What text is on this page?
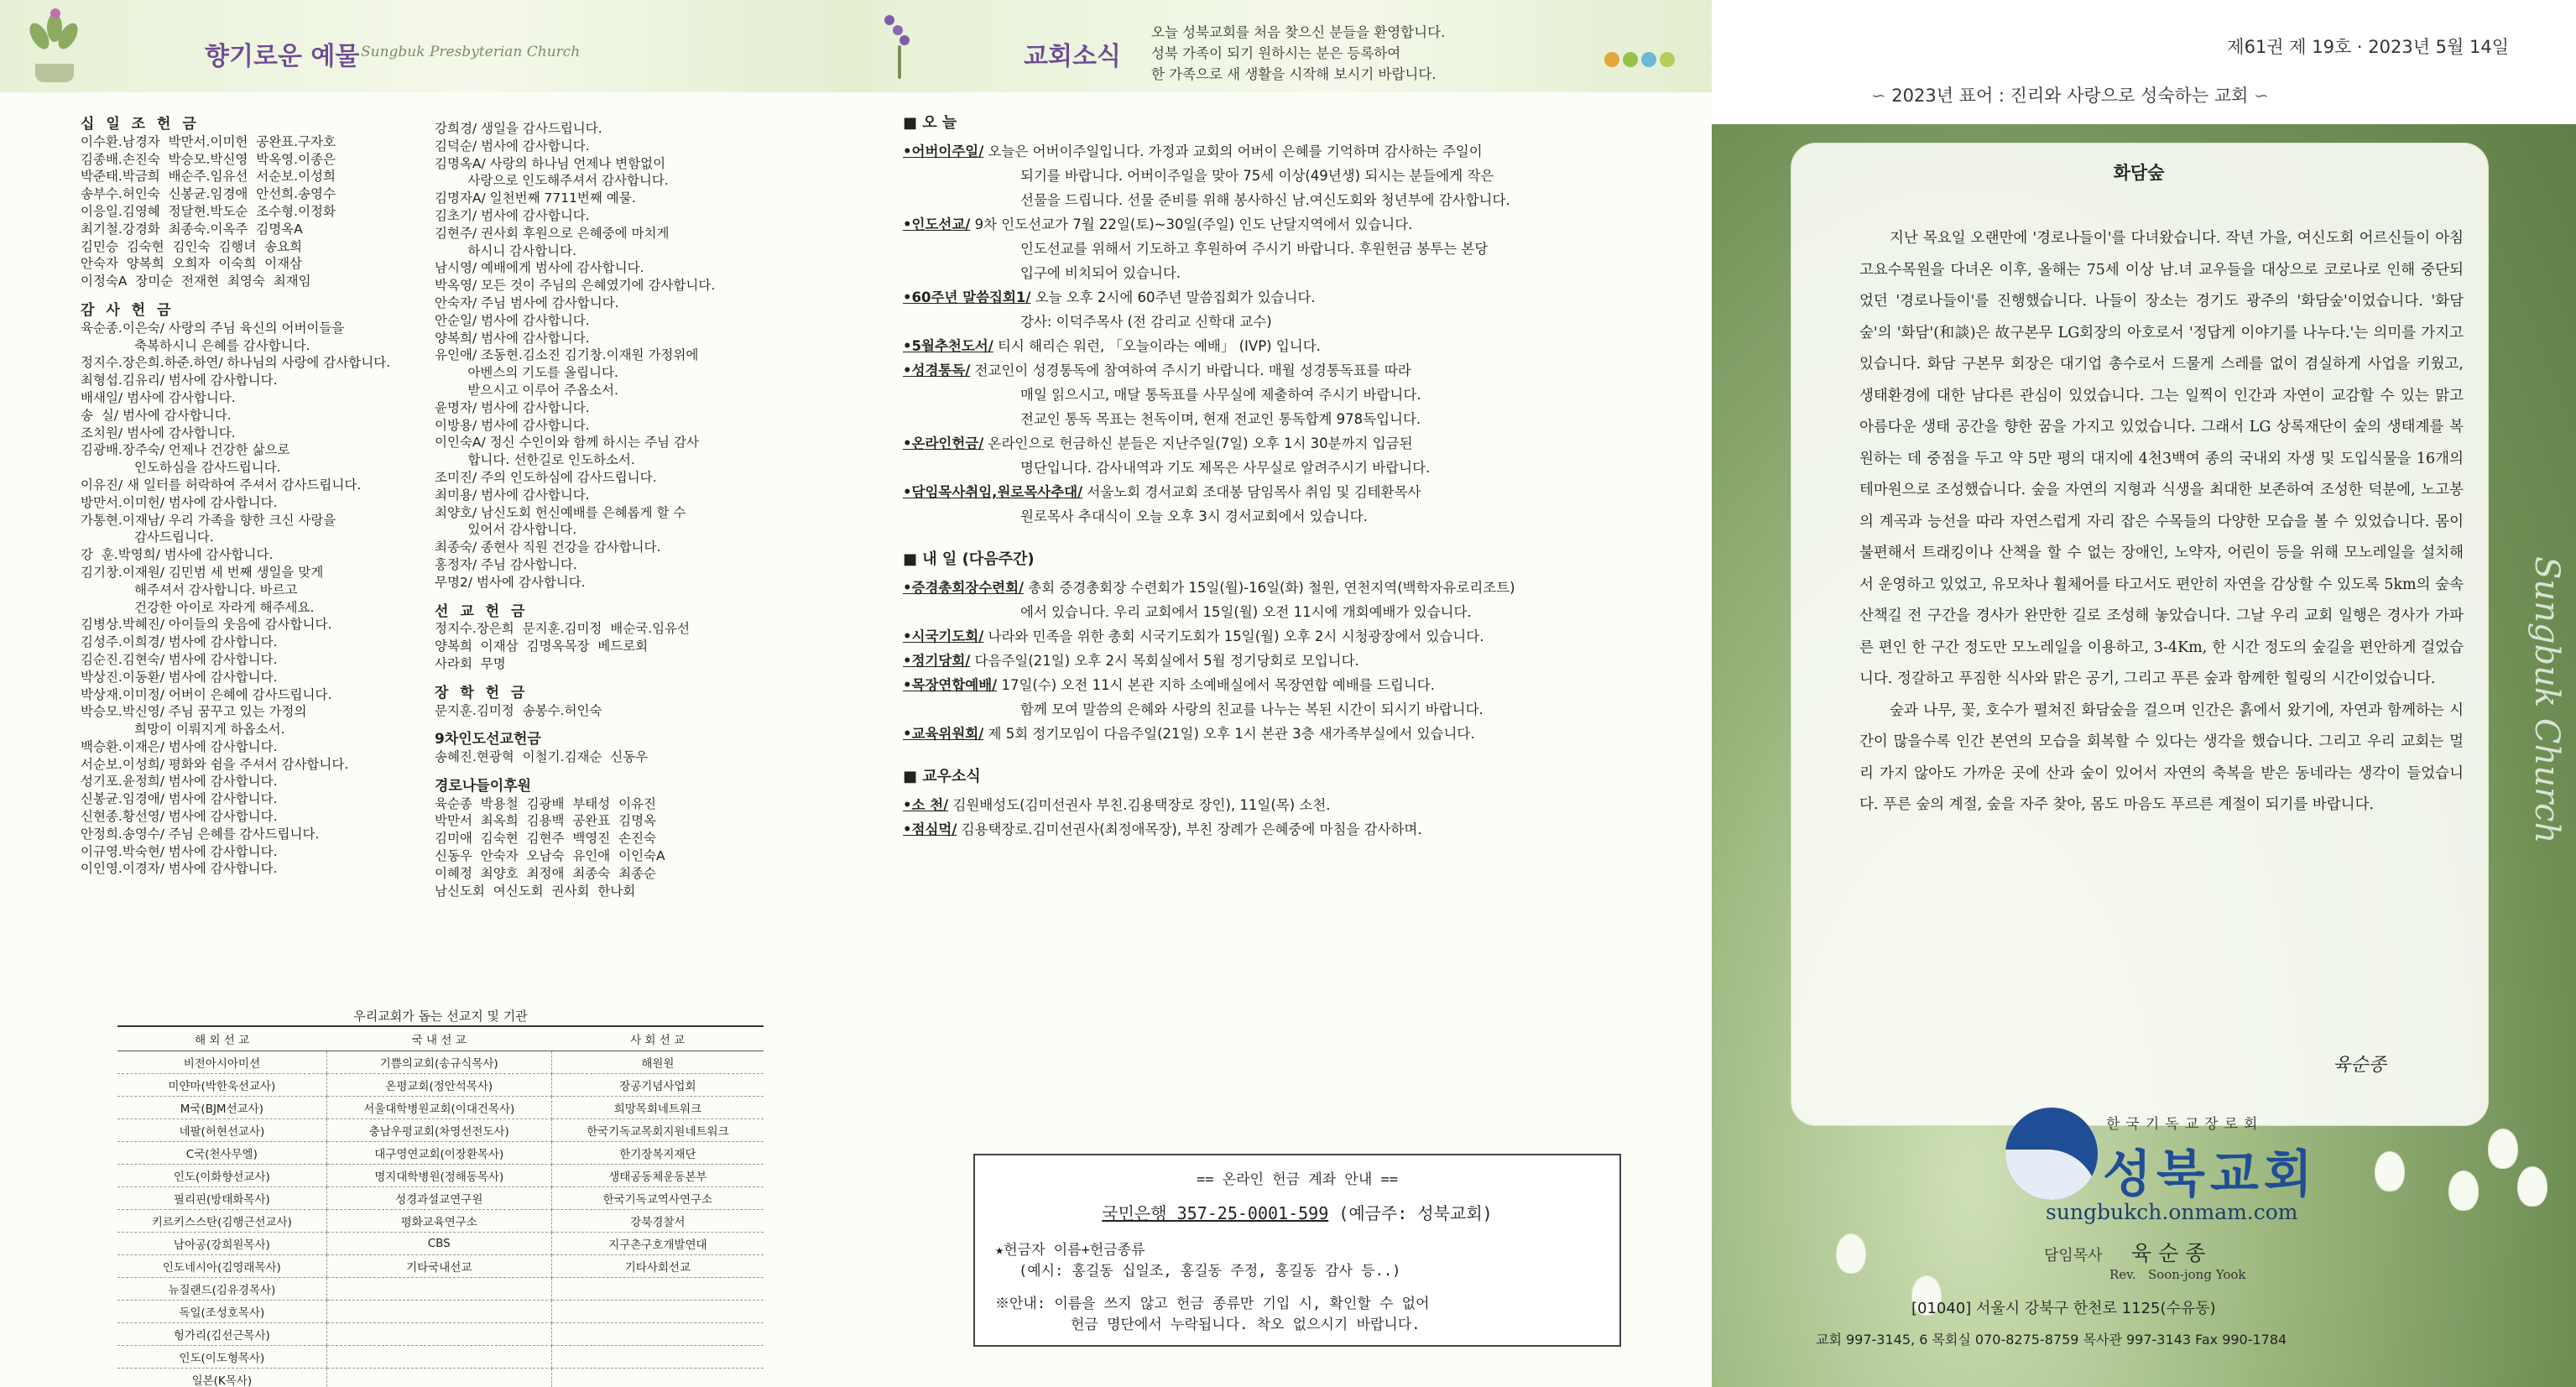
향기로운 예물 Sungbuk Presbyterian Church
십 일 조 헌 금
이수환.남경자  박만서.이미헌  공완표.구자호
김종배.손진숙  박승모.박신영  박옥영.이종은
박준태.박금희  배순주.임유선  서순보.이성희
송부수.허인숙  신봉균.임경애  안선희.송영수
이응일.김영혜  정달현.박도순  조수형.이정화
최기철.강경화  최종숙.이옥주  김명옥A
김민승  김숙현  김인숙  김행녀  송요희
안숙자  양복희  오희자  이숙희  이재삼
이정숙A  장미순  전재현  최영숙  최재임
감 사 헌 금
육순종.이은숙/ 사랑의 주님 육신의 어버이들을
축복하시니 은혜를 감사합니다.
정지수.장은희.하준.하연/ 하나님의 사랑에 감사합니다.
최형섭.김유리/ 범사에 감사합니다.
배새일/ 범사에 감사합니다.
송  실/ 범사에 감사합니다.
조치원/ 범사에 감사합니다.
김광배.장주숙/ 언제나 건강한 삶으로
인도하심을 감사드립니다.
이유진/ 새 일터를 허락하여 주셔서 감사드립니다.
방만서.이미헌/ 범사에 감사합니다.
가통현.이재남/ 우리 가족을 향한 크신 사랑을
감사드립니다.
강  훈.박영희/ 범사에 감사합니다.
김기창.이재원/ 김민범 세 번째 생일을 맞게
해주셔서 감사합니다. 바르고
건강한 아이로 자라게 해주세요.
김병상.박혜진/ 아이들의 웃음에 감사합니다.
김성주.이희경/ 범사에 감사합니다.
김순진.김현숙/ 범사에 감사합니다.
박상진.이동환/ 범사에 감사합니다.
박상재.이미정/ 어버이 은혜에 감사드립니다.
박승모.박신영/ 주님 꿈꾸고 있는 가정의
희망이 이뤄지게 하옵소서.
백승환.이재은/ 범사에 감사합니다.
서순보.이성희/ 평화와 쉼을 주셔서 감사합니다.
성기포.윤정희/ 범사에 감사합니다.
신봉균.임경애/ 범사에 감사합니다.
신현종.황선영/ 범사에 감사합니다.
안정희.송영수/ 주님 은혜를 감사드립니다.
이규영.박숙현/ 범사에 감사합니다.
이인영.이경자/ 범사에 감사합니다.
강희경/ 생일을 감사드립니다.
김덕순/ 범사에 감사합니다.
김명옥A/ 사랑의 하나님 언제나 변함없이
사랑으로 인도해주셔서 감사합니다.
김명자A/ 일천번째 7711번째 예물.
김초기/ 범사에 감사합니다.
김현주/ 권사회 후원으로 은혜중에 마치게
하시니 감사합니다.
남시영/ 예배에게 범사에 감사합니다.
박옥영/ 모든 것이 주님의 은혜였기에 감사합니다.
안숙자/ 주님 범사에 감사합니다.
안순일/ 범사에 감사합니다.
양복희/ 범사에 감사합니다.
유인애/ 조동현.김소진 김기창.이재원 가정위에
아벤스의 기도를 올립니다.
받으시고 이루어 주옵소서.
윤명자/ 범사에 감사합니다.
이방용/ 범사에 감사합니다.
이인숙A/ 정신 수인이와 함께 하시는 주님 감사
합니다. 선한길로 인도하소서.
조미진/ 주의 인도하심에 감사드립니다.
최미용/ 범사에 감사합니다.
최양호/ 남신도회 헌신예배를 은혜롭게 할 수
있어서 감사합니다.
최종숙/ 종현사 직원 건강을 감사합니다.
홍정자/ 주님 감사합니다.
무명2/ 범사에 감사합니다.
선 교 헌 금
정지수.장은희  문지훈.김미정  배순국.임유선
양복희  이재삼  김명옥목장  베드로회
사라회  무명
장 학 헌 금
문지훈.김미정  송봉수.허인숙
9차인도선교헌금
송혜진.현광혁  이철기.김재순  신동우
경로나들이후원
육순종  박용철  김광배  부태성  이유진
박만서  최옥희  김용백  공완표  김명옥
김미애  김숙현  김현주  백영진  손진숙
신동우  안숙자  오남숙  유인애  이인숙A
이혜정  최양호  최정애  최종숙  최종순
남신도회  여신도회  권사회  한나회
우리교회가 돕는 선교지 및 기관
해 외 선 교	국 내 선 교	사 회 선 교
비전아시아미션	기쁨의교회(송규식목사)	해원원
미얀마(박한욱선교사)	온평교회(정안석목사)	장공기념사업회
M국(BJM선교사)	서울대학병원교회(이대건목사)	희망목회네트워크
네팔(허현선교사)	충남우평교회(차영선전도사)	한국기독교목회지원네트워크
C국(천사무엘)	대구영연교회(이장환목사)	한기장복지재단
인도(이화향선교사)	명지대학병원(정해동목사)	생태공동체운동본부
필리핀(방태화목사)	성경과설교연구원	한국기독교역사연구소
키르키스스탄(김행근선교사)	평화교육연구소	강북경찰서
남아공(강희원목사)	CBS	지구촌구호개발연대
인도네시아(김영래목사)	기타국내선교	기타사회선교
뉴질랜드(김유경목사)		
독일(조성호목사)		
헝가리(김선근목사)		
인도(이도형목사)		
일본(K목사)		
교회소식
오늘 성북교회를 처음 찾으신 분들을 환영합니다.
성북 가족이 되기 원하시는 분은 등록하여
한 가족으로 새 생활을 시작해 보시기 바랍니다.
■ 오 늘
•어버이주일/ 오늘은 어버이주일입니다. 가정과 교회의 어버이 은혜를 기억하며 감사하는 주일이
되기를 바랍니다. 어버이주일을 맞아 75세 이상(49년생) 되시는 분들에게 작은
선물을 드립니다. 선물 준비를 위해 봉사하신 남.여신도회와 청년부에 감사합니다.
•인도선교/ 9차 인도선교가 7월 22일(토)~30일(주일) 인도 난달지역에서 있습니다.
인도선교를 위해서 기도하고 후원하여 주시기 바랍니다. 후원헌금 봉투는 본당
입구에 비치되어 있습니다.
•60주년 말씀집회1/ 오늘 오후 2시에 60주년 말씀집회가 있습니다.
강사: 이덕주목사 (전 감리교 신학대 교수)
•5월추천도서/ 티시 해리슨 워런, 「오늘이라는 예배」 (IVP) 입니다.
•성경통독/ 전교인이 성경통독에 참여하여 주시기 바랍니다. 매월 성경통독표를 따라
매일 읽으시고, 매달 통독표를 사무실에 제출하여 주시기 바랍니다.
전교인 통독 목표는 천독이며, 현재 전교인 통독합계 978독입니다.
•온라인헌금/ 온라인으로 헌금하신 분들은 지난주일(7일) 오후 1시 30분까지 입금된
명단입니다. 감사내역과 기도 제목은 사무실로 알려주시기 바랍니다.
•담임목사취임,원로목사추대/ 서울노회 경서교회 조대봉 담임목사 취임 및 김테환목사
원로목사 추대식이 오늘 오후 3시 경서교회에서 있습니다.
■ 내 일 (다음주간)
•증경총회장수련회/ 총회 증경총회장 수련회가 15일(월)-16일(화) 철원, 연천지역(백학자유로리조트)
에서 있습니다. 우리 교회에서 15일(월) 오전 11시에 개회예배가 있습니다.
•시국기도회/ 나라와 민족을 위한 총회 시국기도회가 15일(월) 오후 2시 시청광장에서 있습니다.
•정기당회/ 다음주일(21일) 오후 2시 목회실에서 5월 정기당회로 모입니다.
•목장연합예배/ 17일(수) 오전 11시 본관 지하 소예배실에서 목장연합 예배를 드립니다.
함께 모여 말씀의 은혜와 사랑의 친교를 나누는 복된 시간이 되시기 바랍니다.
•교육위원회/ 제 5회 정기모임이 다음주일(21일) 오후 1시 본관 3층 새가족부실에서 있습니다.
■ 교우소식
•소 천/ 김원배성도(김미선권사 부친.김용택장로 장인), 11일(목) 소천.
•점심먹/ 김용택장로.김미선권사(최정애목장), 부친 장례가 은혜중에 마침을 감사하며.
== 온라인 헌금 계좌 안내 ==
국민은행 357-25-0001-599 (예금주: 성북교회)
★헌금자 이름+헌금종류
(예시: 홍길동 십일조, 홍길동 주정, 홍길동 감사 등..)
※안내: 이름을 쓰지 않고 헌금 종류만 기입 시, 확인할 수 없어
헌금 명단에서 누락됩니다. 착오 없으시기 바랍니다.
제61권 제 19호 · 2023년 5월 14일
∽ 2023년 표어 : 진리와 사랑으로 성숙하는 교회 ∽
화담숲

지난 목요일 오랜만에 '경로나들이'를 다녀왔습니다. 작년 가을, 여신도회 어르신들이 아침고요수목원을 다녀온 이후, 올해는 75세 이상 남.녀 교우들을 대상으로 코로나로 인해 중단되었던 '경로나들이'를 진행했습니다. 나들이 장소는 경기도 광주의 '화담숲'이었습니다. '화담숲'의 '화담'(和談)은 故구본무 LG회장의 아호로서 '정답게 이야기를 나누다.'는 의미를 가지고 있습니다. 화담 구본무 회장은 대기업 총수로서 드물게 스레를 없이 겸실하게 사업을 키웠고, 생태환경에 대한 남다른 관심이 있었습니다. 그는 일찍이 인간과 자연이 교감할 수 있는 맑고 아름다운 생태 공간을 향한 꿈을 가지고 있었습니다. 그래서 LG 상록재단이 숲의 생태계를 복원하는 데 중점을 두고 약 5만 평의 대지에 4천3백여 종의 국내외 자생 및 도입식물을 16개의 테마원으로 조성했습니다. 숲을 자연의 지형과 식생을 최대한 보존하여 조성한 덕분에, 노고봉의 계곡과 능선을 따라 자연스럽게 자리 잡은 수목들의 다양한 모습을 볼 수 있었습니다. 몸이 불편해서 트래킹이나 산책을 할 수 없는 장애인, 노약자, 어린이 등을 위해 모노레일을 설치해서 운영하고 있었고, 유모차나 휠체어를 타고서도 편안히 자연을 감상할 수 있도록 5km의 숲속 산책길 전 구간을 경사가 완만한 길로 조성해 놓았습니다. 그날 우리 교회 일행은 경사가 가파른 편인 한 구간 정도만 모노레일을 이용하고, 3-4Km, 한 시간 정도의 숲길을 편안하게 걸었습니다. 정갈하고 푸짐한 식사와 맑은 공기, 그리고 푸른 숲과 함께한 힐링의 시간이었습니다.

숲과 나무, 꽃, 호수가 펼쳐진 화담숲을 걸으며 인간은 흙에서 왔기에, 자연과 함께하는 시간이 많을수록 인간 본연의 모습을 회복할 수 있다는 생각을 했습니다. 그리고 우리 교회는 멀리 가지 않아도 가까운 곳에 산과 숲이 있어서 자연의 축복을 받은 동네라는 생각이 들었습니다. 푸른 숲의 계절, 숲을 자주 찾아, 몸도 마음도 푸르른 계절이 되기를 바랍니다.

육순종
Sungbuk Church
한국기독교장로회
성북교회
sungbukch.onmam.com
담임목사 육 순 종
Rev.   Soon-jong Yook
[01040] 서울시 강북구 한천로 1125(수유동)
교회 997-3145, 6 목회실 070-8275-8759 목사관 997-3143 Fax 990-1784
